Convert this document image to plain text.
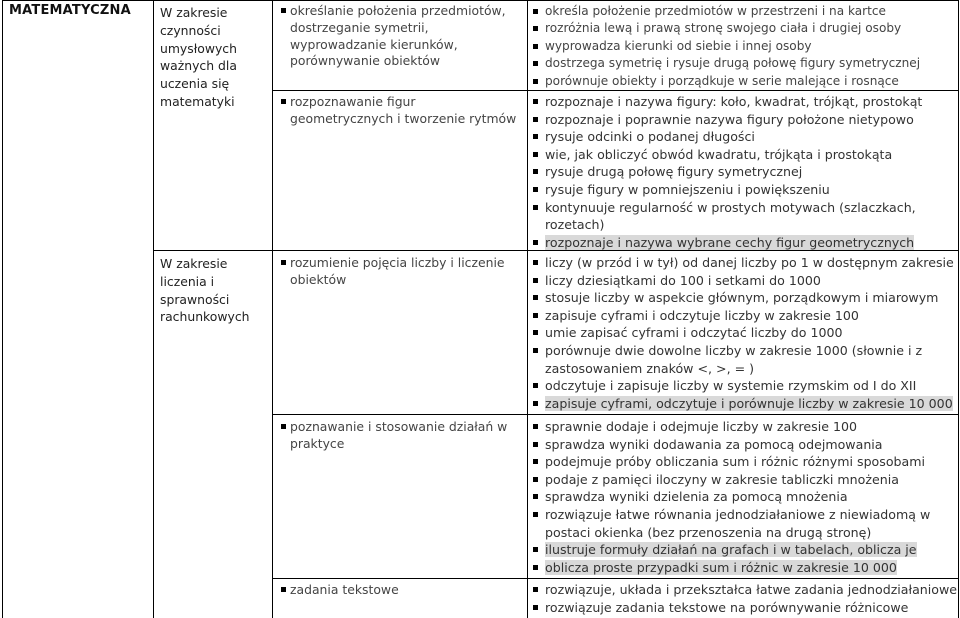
MATEMATYCZNA W zakresie czynności umysłowych ważnych dla uczenia się matematyki
W zakresie liczenia i sprawności rachunkowych
określanie położenia przedmiotów, dostrzeganie symetrii, wyprowadzanie kierunków, porównywanie obiektów
rozpoznawanie figur geometrycznych i tworzenie rytmów
rozumienie pojęcia liczby i liczenie obiektów
poznawanie i stosowanie działań w praktyce
zadania tekstowe
określa położenie przedmiotów w przestrzeni i na kartce
rozróżnia lewą i prawą stronę swojego ciała i drugiej osoby
wyprowadza kierunki od siebie i innej osoby
dostrzega symetrię i rysuje drugą połowę figury symetrycznej
porównuje obiekty i porządkuje w serie malejące i rosnące
rozpoznaje i nazywa figury: koło, kwadrat, trójkąt, prostokąt
rozpoznaje i poprawnie nazywa figury położone nietypowo
rysuje odcinki o podanej długości
wie, jak obliczyć obwód kwadratu, trójkąta i prostokąta
rysuje drugą połowę figury symetrycznej
rysuje figury w pomniejszeniu i powiększeniu
kontynuuje regularność w prostych motywach (szlaczkach, rozetach)
rozpoznaje i nazywa wybrane cechy figur geometrycznych
liczy (w przód i w tył) od danej liczby po 1 w dostępnym zakresie
liczy dziesiątkami do 100 i setkami do 1000
stosuje liczby w aspekcie głównym, porządkowym i miarowym
zapisuje cyframi i odczytuje liczby w zakresie 100
umie zapisać cyframi i odczytać liczby do 1000
porównuje dwie dowolne liczby w zakresie 1000 (słownie i z zastosowaniem znaków <, >, = )
odczytuje i zapisuje liczby w systemie rzymskim od I do XII
zapisuje cyframi, odczytuje i porównuje liczby w zakresie 10 000
sprawnie dodaje i odejmuje liczby w zakresie 100
sprawdza wyniki dodawania za pomocą odejmowania
podejmuje próby obliczania sum i różnic różnymi sposobami
podaje z pamięci iloczyny w zakresie tabliczki mnożenia
sprawdza wyniki dzielenia za pomocą mnożenia
rozwiązuje łatwe równania jednodziałaniowe z niewiadomą w postaci okienka (bez przenoszenia na drugą stronę)
ilustruje formuły działań na grafach i w tabelach, oblicza je
oblicza proste przypadki sum i różnic w zakresie 10 000
rozwiązuje, układa i przekształca łatwe zadania jednodziałaniowe
rozwiązuje zadania tekstowe na porównywanie różnicowe
